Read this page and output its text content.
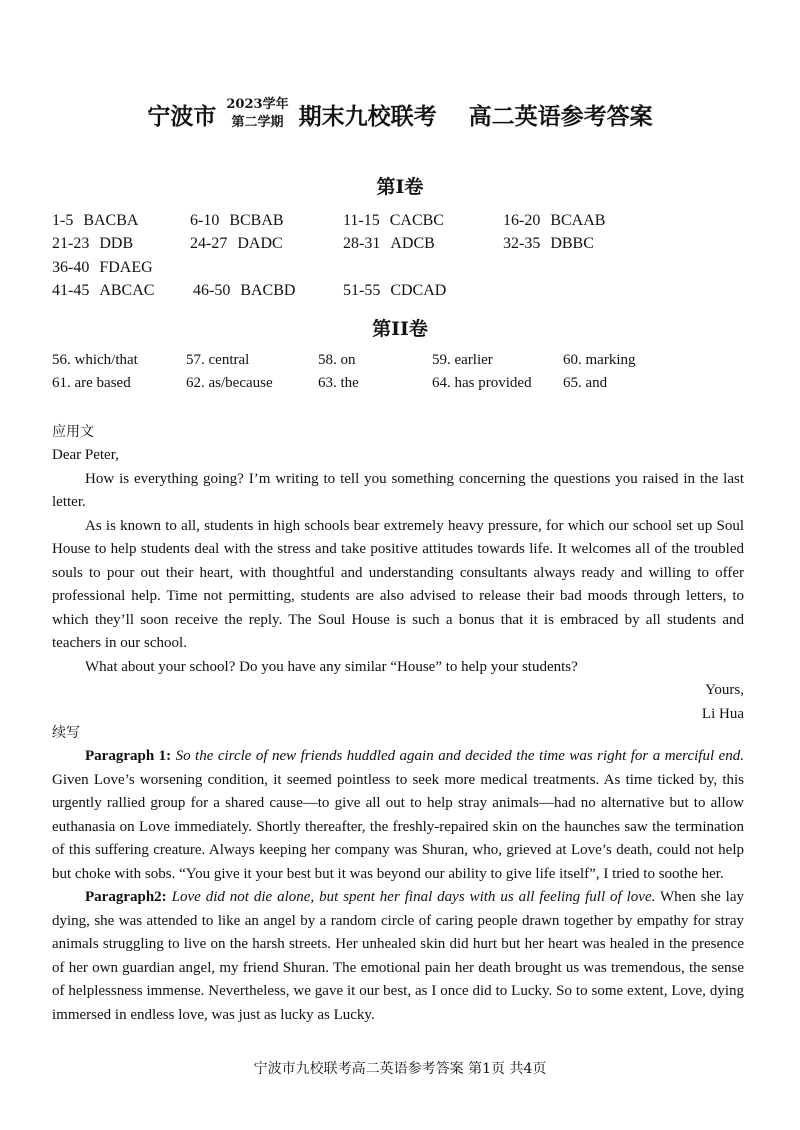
宁波市 2023学年
第二学期 期末九校联考 高二英语参考答案
第I卷
1-5 BACBA	6-10 BCBAB	11-15 CACBC	16-20 BCAAB
21-23 DDB	24-27 DADC	28-31 ADCB	32-35 DBBC
36-40 FDAEG
41-45 ABCAC 46-50 BACBD	51-55 CDCAD
第II卷
56. which/that	57. central	58. on	59. earlier	60. marking
61. are based	62. as/because	63. the	64. has provided 65. and
应用文

Dear Peter,

How is everything going? I’m writing to tell you something concerning the questions you raised in the last letter.

As is known to all, students in high schools bear extremely heavy pressure, for which our school set up Soul House to help students deal with the stress and take positive attitudes towards life. It welcomes all of the troubled souls to pour out their heart, with thoughtful and understanding consultants always ready and willing to offer professional help. Time not permitting, students are also advised to release their bad moods through letters, to which they’ll soon receive the reply. The Soul House is such a bonus that it is embraced by all students and teachers in our school.

What about your school? Do you have any similar “House” to help your students?

Yours,

Li Hua

续写

Paragraph 1: So the circle of new friends huddled again and decided the time was right for a merciful end. Given Love’s worsening condition, it seemed pointless to seek more medical treatments. As time ticked by, this urgently rallied group for a shared cause—to give all out to help stray animals—had no alternative but to allow euthanasia on Love immediately. Shortly thereafter, the freshly-repaired skin on the haunches saw the termination of this suffering creature. Always keeping her company was Shuran, who, grieved at Love’s death, could not help but choke with sobs. “You give it your best but it was beyond our ability to give life itself”, I tried to soothe her.

Paragraph2: Love did not die alone, but spent her final days with us all feeling full of love. When she lay dying, she was attended to like an angel by a random circle of caring people drawn together by empathy for stray animals struggling to live on the harsh streets. Her unhealed skin did hurt but her heart was healed in the presence of her own guardian angel, my friend Shuran. The emotional pain her death brought us was tremendous, the sense of helplessness immense. Nevertheless, we gave it our best, as I once did to Lucky. So to some extent, Love, dying immersed in endless love, was just as lucky as Lucky.

宁波市九校联考高二英语参考答案 第1页 共4页
